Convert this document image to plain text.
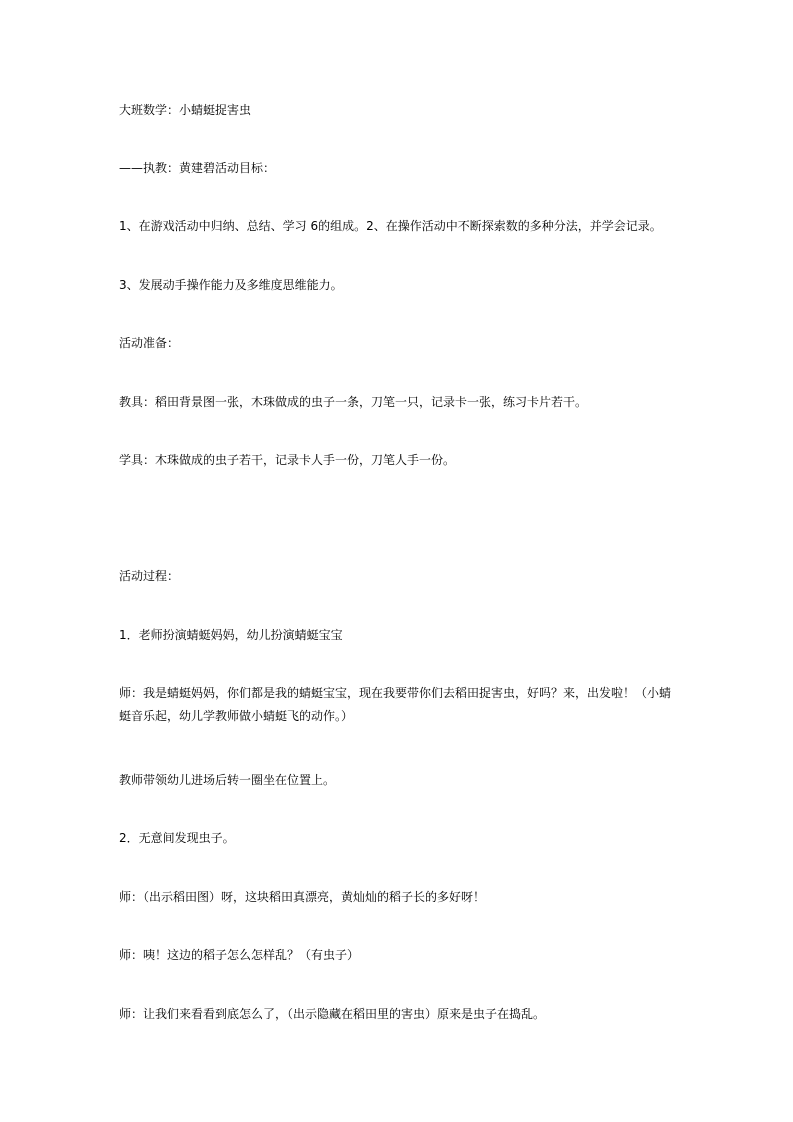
大班数学：小蜻蜓捉害虫

——执教：黄建碧活动目标：

1、在游戏活动中归纳、总结、学习 6的组成。2、在操作活动中不断探索数的多种分法，并学会记录。

3、发展动手操作能力及多维度思维能力。

活动准备：

教具：稻田背景图一张，木珠做成的虫子一条，刀笔一只，记录卡一张，练习卡片若干。

学具：木珠做成的虫子若干，记录卡人手一份，刀笔人手一份。

活动过程：

1．老师扮演蜻蜓妈妈，幼儿扮演蜻蜓宝宝

师：我是蜻蜓妈妈，你们都是我的蜻蜓宝宝，现在我要带你们去稻田捉害虫，好吗？来，出发啦！（小蜻蜓音乐起，幼儿学教师做小蜻蜓飞的动作。）

教师带领幼儿进场后转一圈坐在位置上。

2．无意间发现虫子。

师：（出示稻田图）呀，这块稻田真漂亮，黄灿灿的稻子长的多好呀！

师：咦！这边的稻子怎么怎样乱？（有虫子）

师：让我们来看看到底怎么了，（出示隐藏在稻田里的害虫）原来是虫子在捣乱。
